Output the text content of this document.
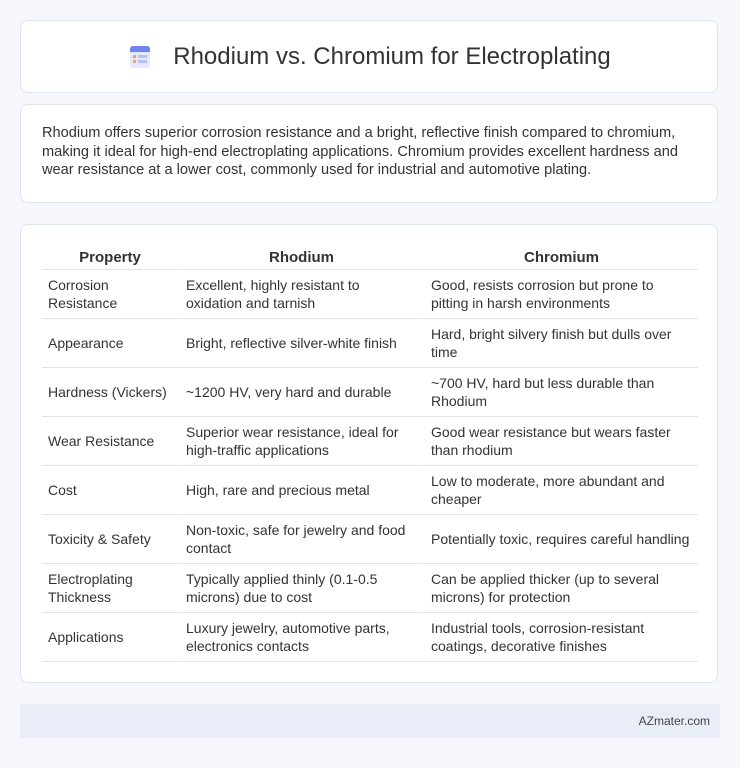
Rhodium vs. Chromium for Electroplating

Rhodium offers superior corrosion resistance and a bright, reflective finish compared to chromium, making it ideal for high-end electroplating applications. Chromium provides excellent hardness and wear resistance at a lower cost, commonly used for industrial and automotive plating.

Property	Rhodium	Chromium
Corrosion Resistance	Excellent, highly resistant to oxidation and tarnish	Good, resists corrosion but prone to pitting in harsh environments
Appearance	Bright, reflective silver-white finish	Hard, bright silvery finish but dulls over time
Hardness (Vickers)	~1200 HV, very hard and durable	~700 HV, hard but less durable than Rhodium
Wear Resistance	Superior wear resistance, ideal for high-traffic applications	Good wear resistance but wears faster than rhodium
Cost	High, rare and precious metal	Low to moderate, more abundant and cheaper
Toxicity & Safety	Non-toxic, safe for jewelry and food contact	Potentially toxic, requires careful handling
Electroplating Thickness	Typically applied thinly (0.1-0.5 microns) due to cost	Can be applied thicker (up to several microns) for protection
Applications	Luxury jewelry, automotive parts, electronics contacts	Industrial tools, corrosion-resistant coatings, decorative finishes
AZmater.com
